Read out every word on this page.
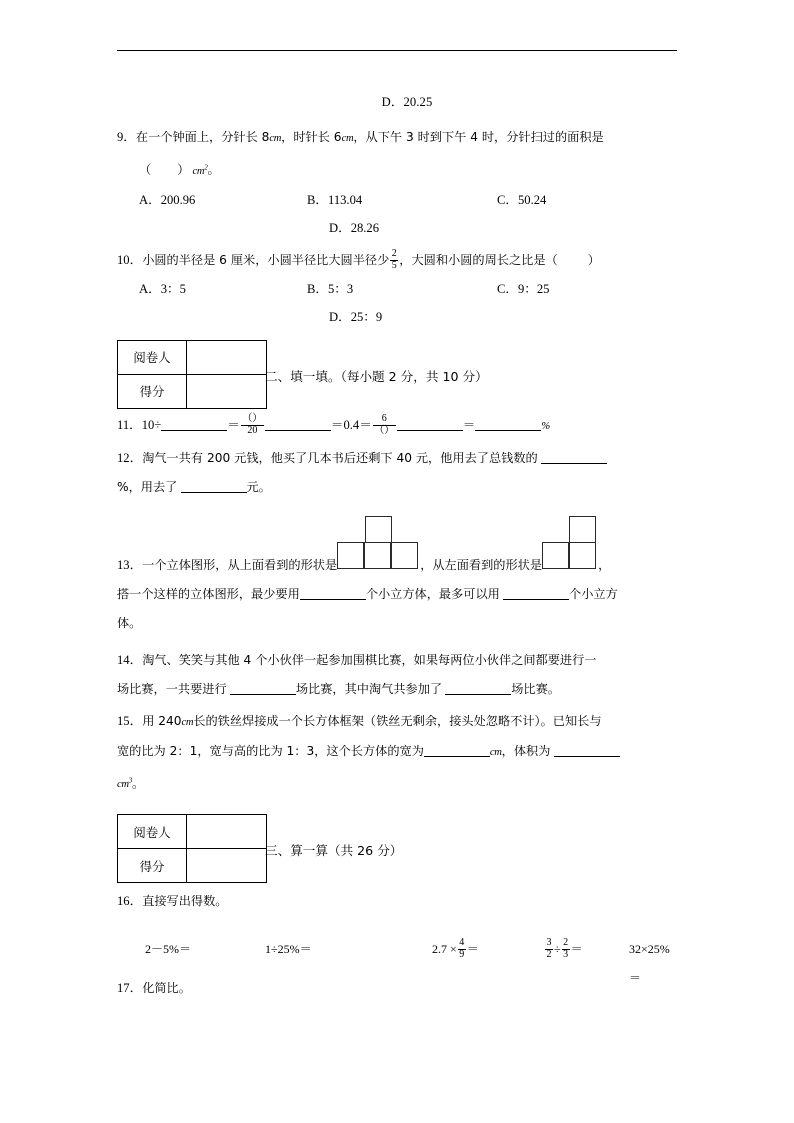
D．20.25
9．在一个钟面上，分针长 8cm，时针长 6cm，从下午 3 时到下午 4 时，分针扫过的面积是
（ ） $cm^2$。
A．200.96	B．113.04	C．50.24
D．28.26
10．小圆的半径是 6 厘米，小圆半径比大圆半径少 $\frac{2}{5}$ ，大圆和小圆的周长之比是（ ）
A．3：5	B．5：3	C．9：25
D．25：9
阅卷人	
得分	
二、填一填。（每小题 2 分，共 10 分）
11．10÷	＝ $\frac{()}{20}$	$=0.4= \frac{6}{()}$	＝	%
12．淘气一共有 200 元钱，他买了几本书后还剩下 40 元，他用去了总钱数的
%，用去了	元。
13．一个立体图形，从上面看到的形状是	，从左面看到的形状是	，
搭一个这样的立体图形，最少要用	个小立方体，最多可以用	个小立方
体。
14．淘气、笑笑与其他 4 个小伙伴一起参加围棋比赛，如果每两位小伙伴之间都要进行一
场比赛，一共要进行	场比赛，其中淘气共参加了	场比赛。
15．用 240cm长的铁丝焊接成一个长方体框架（铁丝无剩余，接头处忽略不计）。已知长与
宽的比为 2：1，宽与高的比为 1：3，这个长方体的宽为	cm，体积为
$cm^3$。
阅卷人	
得分	
三、算一算（共 26 分）
16．直接写出得数。
2－5%＝	1÷25%＝	$2.7 \times \frac{4}{9}$ ＝	$\frac{3}{2} \div \frac{2}{3}$ ＝	32×25%＝
17．化简比。
